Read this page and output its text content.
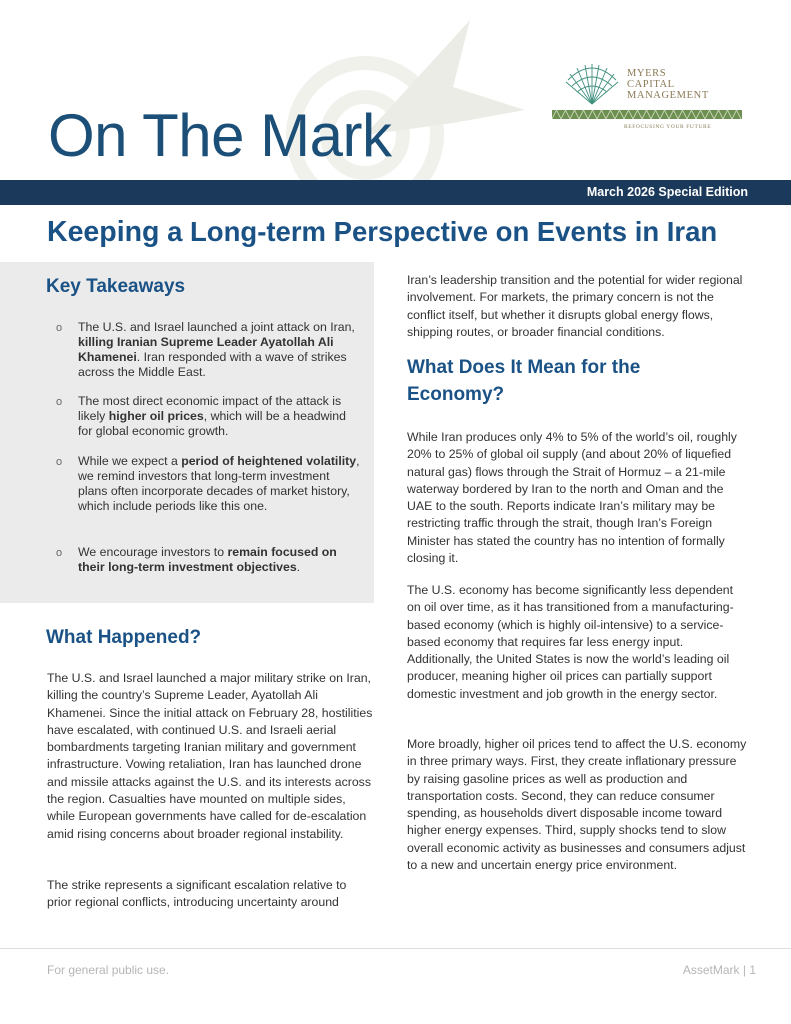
On The Mark
MYERS
CAPITAL
MANAGEMENT
REFOCUSING YOUR FUTURE
March 2026 Special Edition
Keeping a Long-term Perspective on Events in Iran
Key Takeaways
o The U.S. and Israel launched a joint attack on Iran, killing Iranian Supreme Leader Ayatollah Ali Khamenei. Iran responded with a wave of strikes across the Middle East.

o The most direct economic impact of the attack is likely higher oil prices, which will be a headwind for global economic growth.

o While we expect a period of heightened volatility, we remind investors that long-term investment plans often incorporate decades of market history, which include periods like this one.

o We encourage investors to remain focused on their long-term investment objectives.

What Happened?

The U.S. and Israel launched a major military strike on Iran, killing the country’s Supreme Leader, Ayatollah Ali Khamenei. Since the initial attack on February 28, hostilities have escalated, with continued U.S. and Israeli aerial bombardments targeting Iranian military and government infrastructure. Vowing retaliation, Iran has launched drone and missile attacks against the U.S. and its interests across the region. Casualties have mounted on multiple sides, while European governments have called for de-escalation amid rising concerns about broader regional instability.

The strike represents a significant escalation relative to prior regional conflicts, introducing uncertainty around

Iran’s leadership transition and the potential for wider regional involvement. For markets, the primary concern is not the conflict itself, but whether it disrupts global energy flows, shipping routes, or broader financial conditions.

What Does It Mean for the
Economy?

While Iran produces only 4% to 5% of the world’s oil, roughly 20% to 25% of global oil supply (and about 20% of liquefied natural gas) flows through the Strait of Hormuz – a 21-mile waterway bordered by Iran to the north and Oman and the UAE to the south. Reports indicate Iran’s military may be restricting traffic through the strait, though Iran’s Foreign Minister has stated the country has no intention of formally closing it.

The U.S. economy has become significantly less dependent on oil over time, as it has transitioned from a manufacturing-based economy (which is highly oil-intensive) to a service-based economy that requires far less energy input. Additionally, the United States is now the world’s leading oil producer, meaning higher oil prices can partially support domestic investment and job growth in the energy sector.

More broadly, higher oil prices tend to affect the U.S. economy in three primary ways. First, they create inflationary pressure by raising gasoline prices as well as production and transportation costs. Second, they can reduce consumer spending, as households divert disposable income toward higher energy expenses. Third, supply shocks tend to slow overall economic activity as businesses and consumers adjust to a new and uncertain energy price environment.

For general public use.	AssetMark | 1
